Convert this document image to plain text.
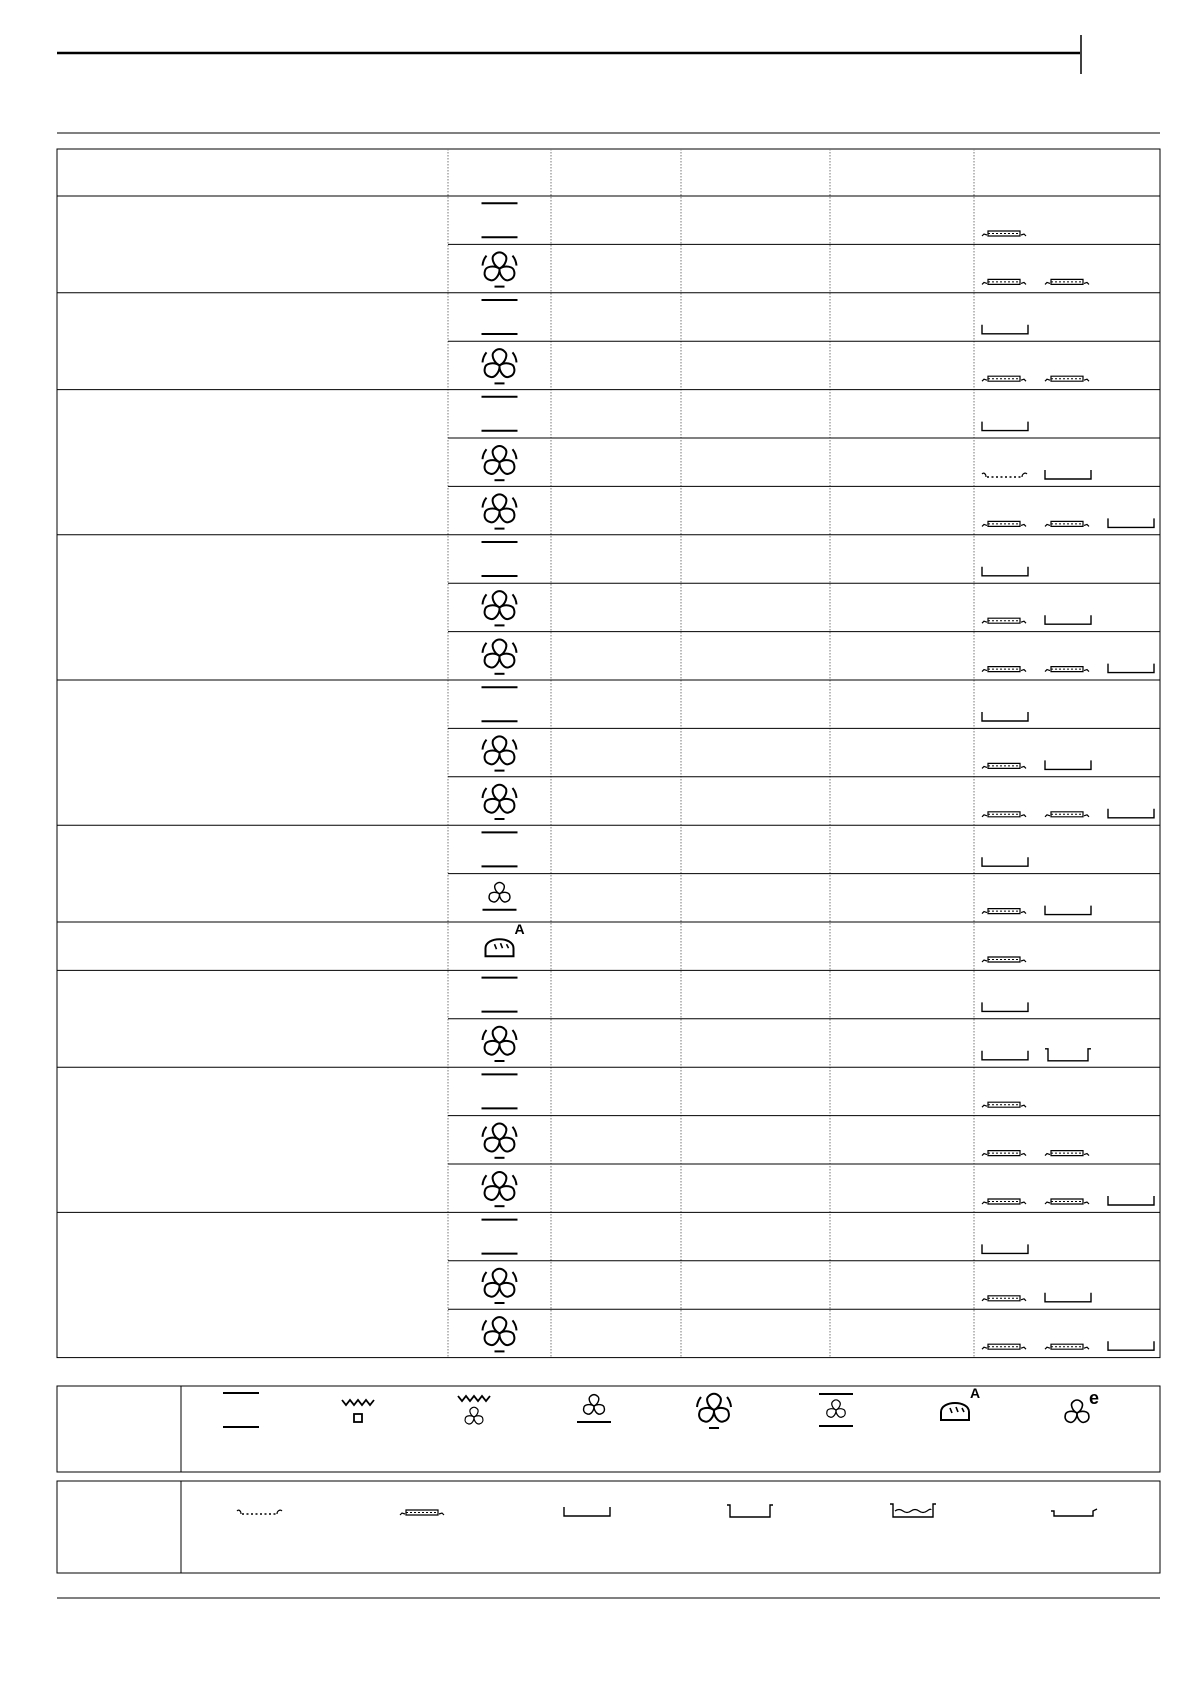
A
A	e
